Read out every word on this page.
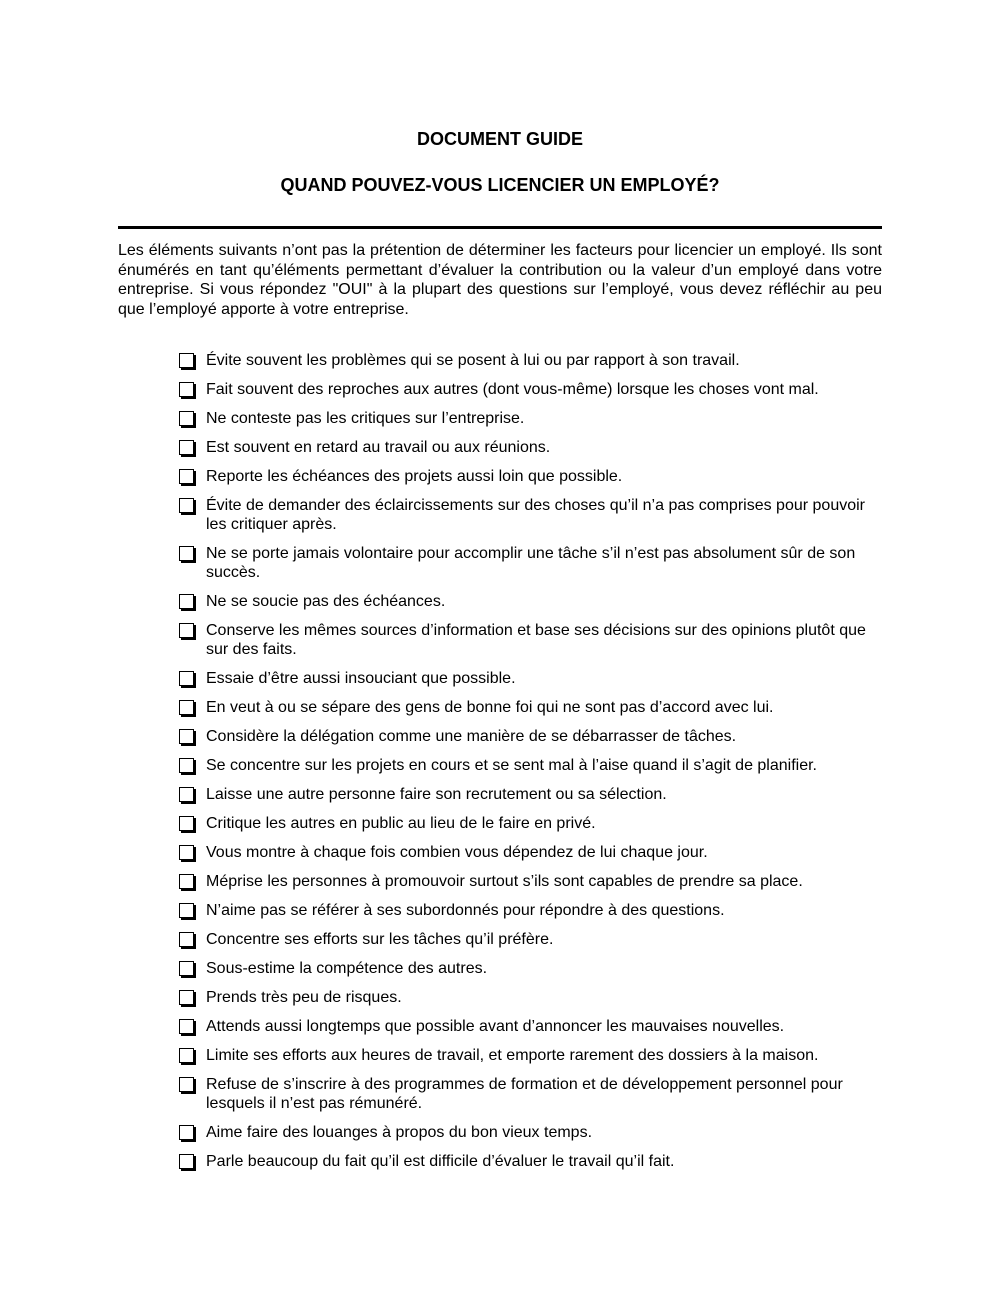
DOCUMENT GUIDE
QUAND POUVEZ-VOUS LICENCIER UN EMPLOYÉ?

Les éléments suivants n’ont pas la prétention de déterminer les facteurs pour licencier un employé. Ils sont énumérés en tant qu’éléments permettant d’évaluer la contribution ou la valeur d’un employé dans votre entreprise. Si vous répondez "OUI" à la plupart des questions sur l’employé, vous devez réfléchir au peu que l’employé apporte à votre entreprise.

Évite souvent les problèmes qui se posent à lui ou par rapport à son travail.
Fait souvent des reproches aux autres (dont vous-même) lorsque les choses vont mal.
Ne conteste pas les critiques sur l’entreprise.
Est souvent en retard au travail ou aux réunions.
Reporte les échéances des projets aussi loin que possible.
Évite de demander des éclaircissements sur des choses qu’il n’a pas comprises pour pouvoir les critiquer après.
Ne se porte jamais volontaire pour accomplir une tâche s’il n’est pas absolument sûr de son succès.
Ne se soucie pas des échéances.
Conserve les mêmes sources d’information et base ses décisions sur des opinions plutôt que sur des faits.
Essaie d’être aussi insouciant que possible.
En veut à ou se sépare des gens de bonne foi qui ne sont pas d’accord avec lui.
Considère la délégation comme une manière de se débarrasser de tâches.
Se concentre sur les projets en cours et se sent mal à l’aise quand il s’agit de planifier.
Laisse une autre personne faire son recrutement ou sa sélection.
Critique les autres en public au lieu de le faire en privé.
Vous montre à chaque fois combien vous dépendez de lui chaque jour.
Méprise les personnes à promouvoir surtout s’ils sont capables de prendre sa place.
N’aime pas se référer à ses subordonnés pour répondre à des questions.
Concentre ses efforts sur les tâches qu’il préfère.
Sous-estime la compétence des autres.
Prends très peu de risques.
Attends aussi longtemps que possible avant d’annoncer les mauvaises nouvelles.
Limite ses efforts aux heures de travail, et emporte rarement des dossiers à la maison.
Refuse de s’inscrire à des programmes de formation et de développement personnel pour lesquels il n’est pas rémunéré.
Aime faire des louanges à propos du bon vieux temps.
Parle beaucoup du fait qu’il est difficile d’évaluer le travail qu’il fait.
